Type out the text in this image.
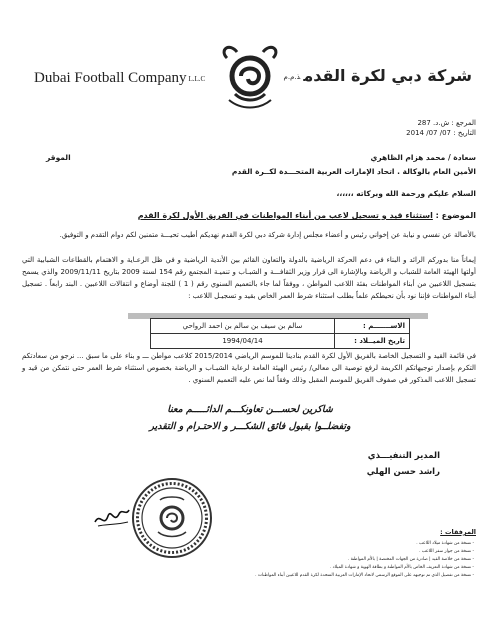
Dubai Football Company L.L.C	شركة دبي لكرة القدمذ.م.م
المرجع : ش.د. 287
التاريخ : 07/ 07/ 2014
سعادة / محمد هزام الظاهري
الموقر
الأمين العام بالوكالة . اتحاد الإمارات العربية المتحـــدة لكــرة القدم
السلام عليكم ورحمة الله وبركاته ،،،،،،
الموضوع : استثناء قيد و تسجيل لاعب من أبناء المواطنات في الفريق الأول لكرة القدم
بالأصالة عن نفسي و نيابة عن إخواني رئيس و أعضاء مجلس إدارة شركة دبي لكرة القدم نهديكم أطيب تحيـــة متمنين لكم دوام التقدم و التوفيق.
إيماناً منا بدوركم الرائد و البناء في دعم الحركة الرياضية بالدولة والتعاون القائم بين الأندية الرياضية و في ظل الرعـاية و الاهتمام بالقطاعات الشبابية التي أولتها الهيئة العامة للشباب و الرياضة وبالإشارة الى قرار وزير الثقافـــة و الشبـاب و تنميـة المجتمع رقم 154 لسنة 2009 بتاريخ 2009/11/11 والذي يسمح بتسجيل اللاعبين من أبناء المواطنات بفئة اللاعب المواطن ، ووفقاً لما جاء بالتعميم السنوي رقم ( 1 ) للجنة أوضاع و انتقالات اللاعبين . البند رابعاً . تسجيل أبناء المواطنات فإننا نود بأن نحيطكم علماً بطلب استثناء شرط العمر الخاص بقيد و تسجيـل اللاعب :
الاســـــــم :	سالم بن سيف بن سالم بن احمد الرواحي
تاريخ الميــلاد :	1994/04/14
في قائمة القيد و التسجيل الخاصة بالفريق الأول لكرة القدم بنادينا للموسم الرياضي 2015/2014 كلاعب مواطن ـــ و بناء على ما سبق ... نرجو من سعادتكم التكرم بإصدار توجيهاتكم الكريمة لرفع توصية الى معالي/ رئيس الهيئة العامة لرعاية الشبـاب و الرياضة بخصوص استثناء شرط العمر حتى نتمكن من قيد و تسجيل اللاعب المذكور في صفوف الفريق للموسم المقبل وذلك وفقاً لما نص عليه التعميم السنوي .
شاكرين لحســـن تعاونكـــم الدائـــــم معنا
وتفضلــوا بقبول فائق الشكـــر و الاحتـرام و التقدير
المدير التنفيـــذي
راشد حسن الهلي
المرفقات :
- نسخة من شهادة ميلاد اللاعب .
- نسخة من جواز سفر اللاعب .
- نسخة من خلاصة القيد | صادرة من الجهات المختصة | بالأم المواطنة .
- نسخة من شهادة التعريف الخاص بالأم المواطنة و بطاقة الهوية و شهادة الميلاد .
- نسخة من تفصيل الذي تم توجيهه على الموقع الرسمي لاتحاد الإمارات العربية المتحدة لكرة القدم للاعبين أبناء المواطنات .
